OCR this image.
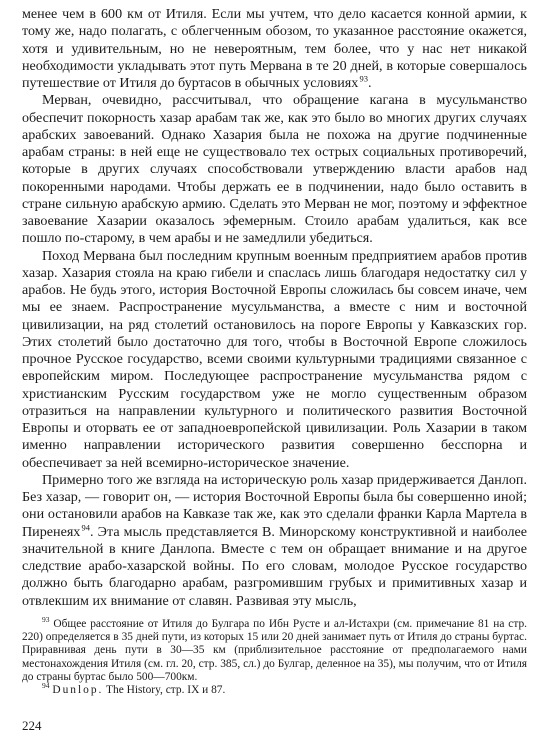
менее чем в 600 км от Итиля. Если мы учтем, что дело касается конной армии, к тому же, надо полагать, с облегченным обозом, то указанное расстояние окажется, хотя и удивительным, но не невероятным, тем более, что у нас нет никакой необходимости укладывать этот путь Мервана в те 20 дней, в которые совершалось путешествие от Итиля до буртасов в обычных условиях $^{93}$.

Мерван, очевидно, рассчитывал, что обращение кагана в мусульманство обеспечит покорность хазар арабам так же, как это было во многих других случаях арабских завоеваний. Однако Хазария была не похожа на другие подчиненные арабам страны: в ней еще не существовало тех острых социальных противоречий, которые в других случаях способствовали утверждению власти арабов над покоренными народами. Чтобы держать ее в подчинении, надо было оставить в стране сильную арабскую армию. Сделать это Мерван не мог, поэтому и эффектное завоевание Хазарии оказалось эфемерным. Стоило арабам удалиться, как все пошло по-старому, в чем арабы и не замедлили убедиться.

Поход Мервана был последним крупным военным предприятием арабов против хазар. Хазария стояла на краю гибели и спаслась лишь благодаря недостатку сил у арабов. Не будь этого, история Восточной Европы сложилась бы совсем иначе, чем мы ее знаем. Распространение мусульманства, а вместе с ним и восточной цивилизации, на ряд столетий остановилось на пороге Европы у Кавказских гор. Этих столетий было достаточно для того, чтобы в Восточной Европе сложилось прочное Русское государство, всеми своими культурными традициями связанное с европейским миром. Последующее распространение мусульманства рядом с христианским Русским государством уже не могло существенным образом отразиться на направлении культурного и политического развития Восточной Европы и оторвать ее от западноевропейской цивилизации. Роль Хазарии в таком именно направлении исторического развития совершенно бесспорна и обеспечивает за ней всемирно-историческое значение.

Примерно того же взгляда на историческую роль хазар придерживается Данлоп. Без хазар, — говорит он, — история Восточной Европы была бы совершенно иной; они остановили арабов на Кавказе так же, как это сделали франки Карла Мартела в Пиренеях $^{94}$. Эта мысль представляется В. Минорскому конструктивной и наиболее значительной в книге Данлопа. Вместе с тем он обращает внимание и на другое следствие арабо-хазарской войны. По его словам, молодое Русское государство должно быть благодарно арабам, разгромившим грубых и примитивных хазар и отвлекшим их внимание от славян. Развивая эту мысль,

$^{93}$ Общее расстояние от Итиля до Булгара по Ибн Русте и ал-Истахри (см. примечание 81 на стр. 220) определяется в 35 дней пути, из которых 15 или 20 дней занимает путь от Итиля до страны буртас. Приравнивая день пути в 30—35 км (приблизительное расстояние от предполагаемого нами местонахождения Итиля (см. гл. 20, стр. 385, сл.) до Булгар, деленное на 35), мы получим, что от Итиля до страны буртас было 500—700км.

$^{94}$ Dunlop. The History, стр. IX и 87.

224
